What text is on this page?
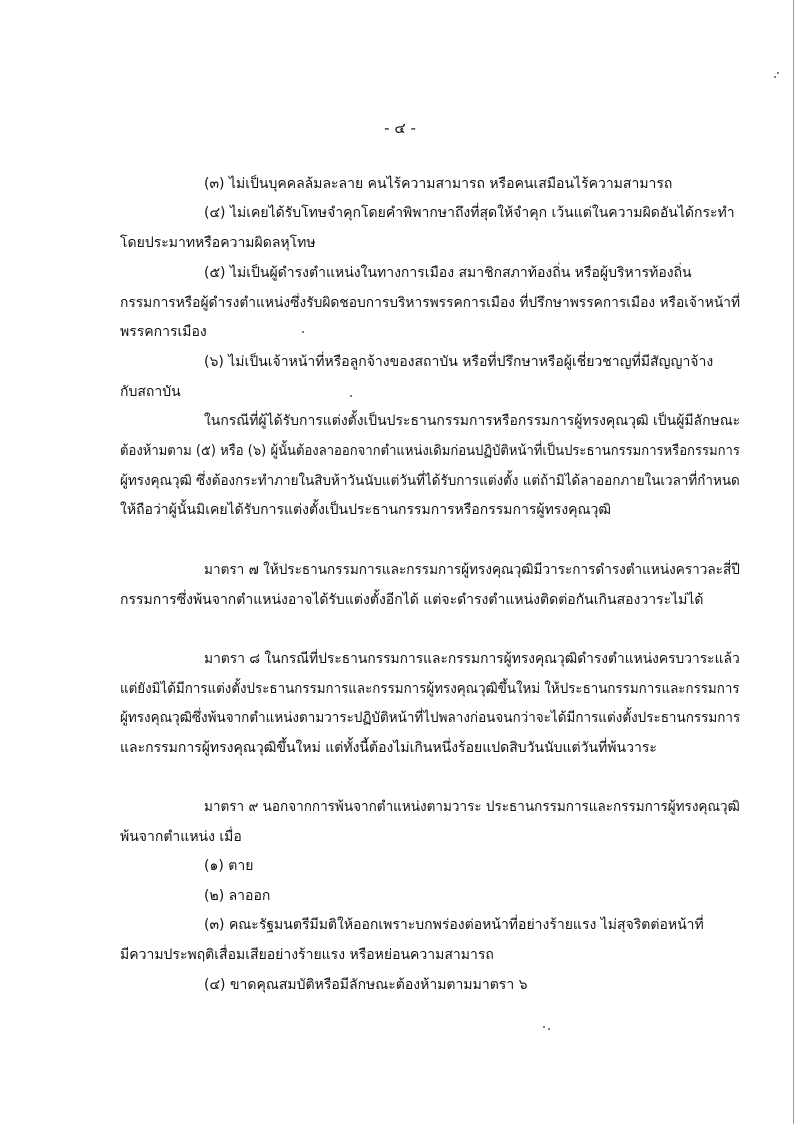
- ๔ -
(๓) ไม่เป็นบุคคลล้มละลาย คนไร้ความสามารถ หรือคนเสมือนไร้ความสามารถ
(๔) ไม่เคยได้รับโทษจำคุกโดยคำพิพากษาถึงที่สุดให้จำคุก เว้นแต่ในความผิดอันได้กระทำ
โดยประมาทหรือความผิดลหุโทษ
(๕) ไม่เป็นผู้ดำรงตำแหน่งในทางการเมือง สมาชิกสภาท้องถิ่น หรือผู้บริหารท้องถิ่น
กรรมการหรือผู้ดำรงตำแหน่งซึ่งรับผิดชอบการบริหารพรรคการเมือง ที่ปรึกษาพรรคการเมือง หรือเจ้าหน้าที่
พรรคการเมือง
(๖) ไม่เป็นเจ้าหน้าที่หรือลูกจ้างของสถาบัน หรือที่ปรึกษาหรือผู้เชี่ยวชาญที่มีสัญญาจ้าง
กับสถาบัน
ในกรณีที่ผู้ได้รับการแต่งตั้งเป็นประธานกรรมการหรือกรรมการผู้ทรงคุณวุฒิ เป็นผู้มีลักษณะ
ต้องห้ามตาม (๕) หรือ (๖) ผู้นั้นต้องลาออกจากตำแหน่งเดิมก่อนปฏิบัติหน้าที่เป็นประธานกรรมการหรือกรรมการ
ผู้ทรงคุณวุฒิ ซึ่งต้องกระทำภายในสิบห้าวันนับแต่วันที่ได้รับการแต่งตั้ง แต่ถ้ามิได้ลาออกภายในเวลาที่กำหนด
ให้ถือว่าผู้นั้นมิเคยได้รับการแต่งตั้งเป็นประธานกรรมการหรือกรรมการผู้ทรงคุณวุฒิ
มาตรา ๗ ให้ประธานกรรมการและกรรมการผู้ทรงคุณวุฒิมีวาระการดำรงตำแหน่งคราวละสี่ปี
กรรมการซึ่งพ้นจากตำแหน่งอาจได้รับแต่งตั้งอีกได้ แต่จะดำรงตำแหน่งติดต่อกันเกินสองวาระไม่ได้
มาตรา ๘ ในกรณีที่ประธานกรรมการและกรรมการผู้ทรงคุณวุฒิดำรงตำแหน่งครบวาระแล้ว
แต่ยังมิได้มีการแต่งตั้งประธานกรรมการและกรรมการผู้ทรงคุณวุฒิขึ้นใหม่ ให้ประธานกรรมการและกรรมการ
ผู้ทรงคุณวุฒิซึ่งพ้นจากตำแหน่งตามวาระปฏิบัติหน้าที่ไปพลางก่อนจนกว่าจะได้มีการแต่งตั้งประธานกรรมการ
และกรรมการผู้ทรงคุณวุฒิขึ้นใหม่ แต่ทั้งนี้ต้องไม่เกินหนึ่งร้อยแปดสิบวันนับแต่วันที่พ้นวาระ
มาตรา ๙ นอกจากการพ้นจากตำแหน่งตามวาระ ประธานกรรมการและกรรมการผู้ทรงคุณวุฒิ
พ้นจากตำแหน่ง เมื่อ
(๑) ตาย
(๒) ลาออก
(๓) คณะรัฐมนตรีมีมติให้ออกเพราะบกพร่องต่อหน้าที่อย่างร้ายแรง ไม่สุจริตต่อหน้าที่
มีความประพฤติเสื่อมเสียอย่างร้ายแรง หรือหย่อนความสามารถ
(๔) ขาดคุณสมบัติหรือมีลักษณะต้องห้ามตามมาตรา ๖
